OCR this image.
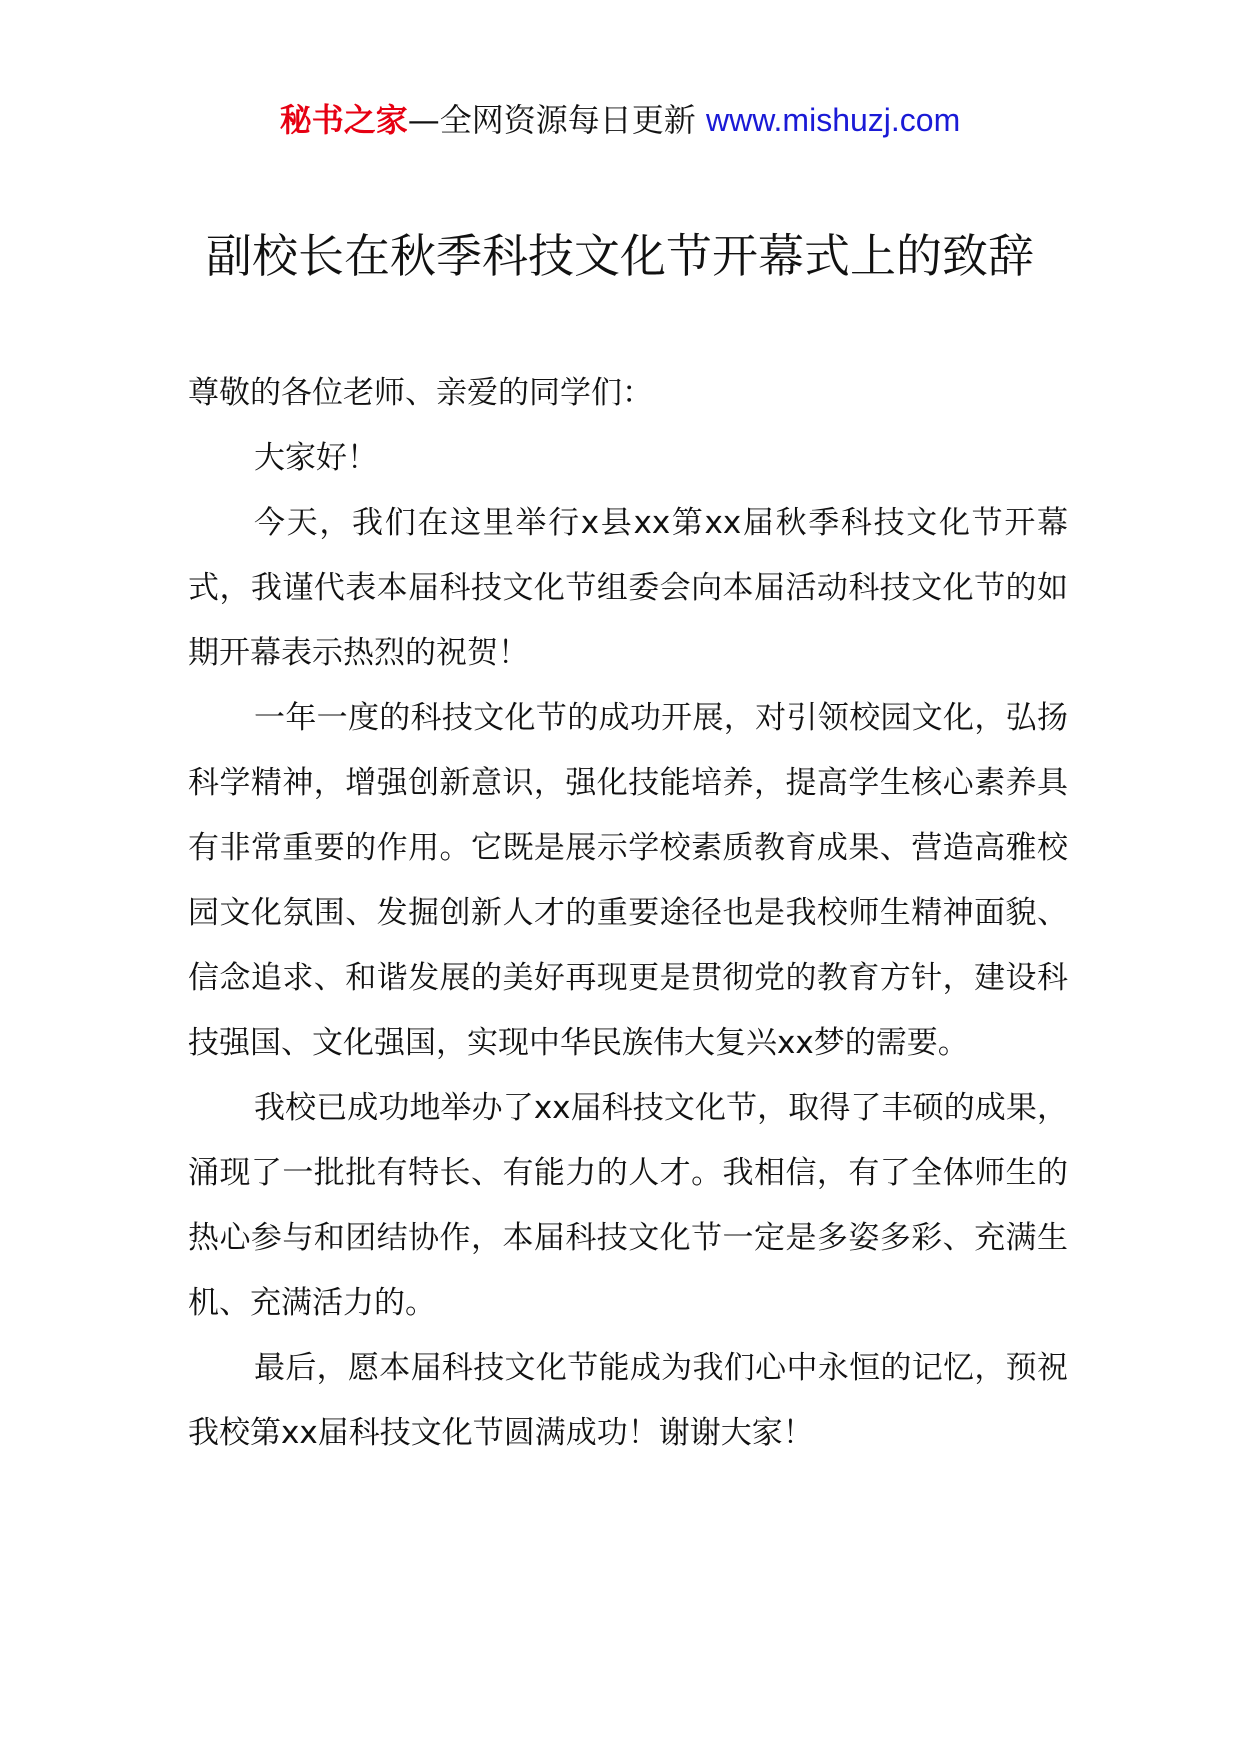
秘书之家—全网资源每日更新 www.mishuzj.com
副校长在秋季科技文化节开幕式上的致辞

尊敬的各位老师、亲爱的同学们：

大家好！

今天，我们在这里举行x县xx第xx届秋季科技文化节开幕式，我谨代表本届科技文化节组委会向本届活动科技文化节的如期开幕表示热烈的祝贺！

一年一度的科技文化节的成功开展，对引领校园文化，弘扬科学精神，增强创新意识，强化技能培养，提高学生核心素养具有非常重要的作用。它既是展示学校素质教育成果、营造高雅校园文化氛围、发掘创新人才的重要途径也是我校师生精神面貌、信念追求、和谐发展的美好再现更是贯彻党的教育方针，建设科技强国、文化强国，实现中华民族伟大复兴xx梦的需要。

我校已成功地举办了xx届科技文化节，取得了丰硕的成果，涌现了一批批有特长、有能力的人才。我相信，有了全体师生的热心参与和团结协作，本届科技文化节一定是多姿多彩、充满生机、充满活力的。

最后，愿本届科技文化节能成为我们心中永恒的记忆，预祝我校第xx届科技文化节圆满成功！谢谢大家！
